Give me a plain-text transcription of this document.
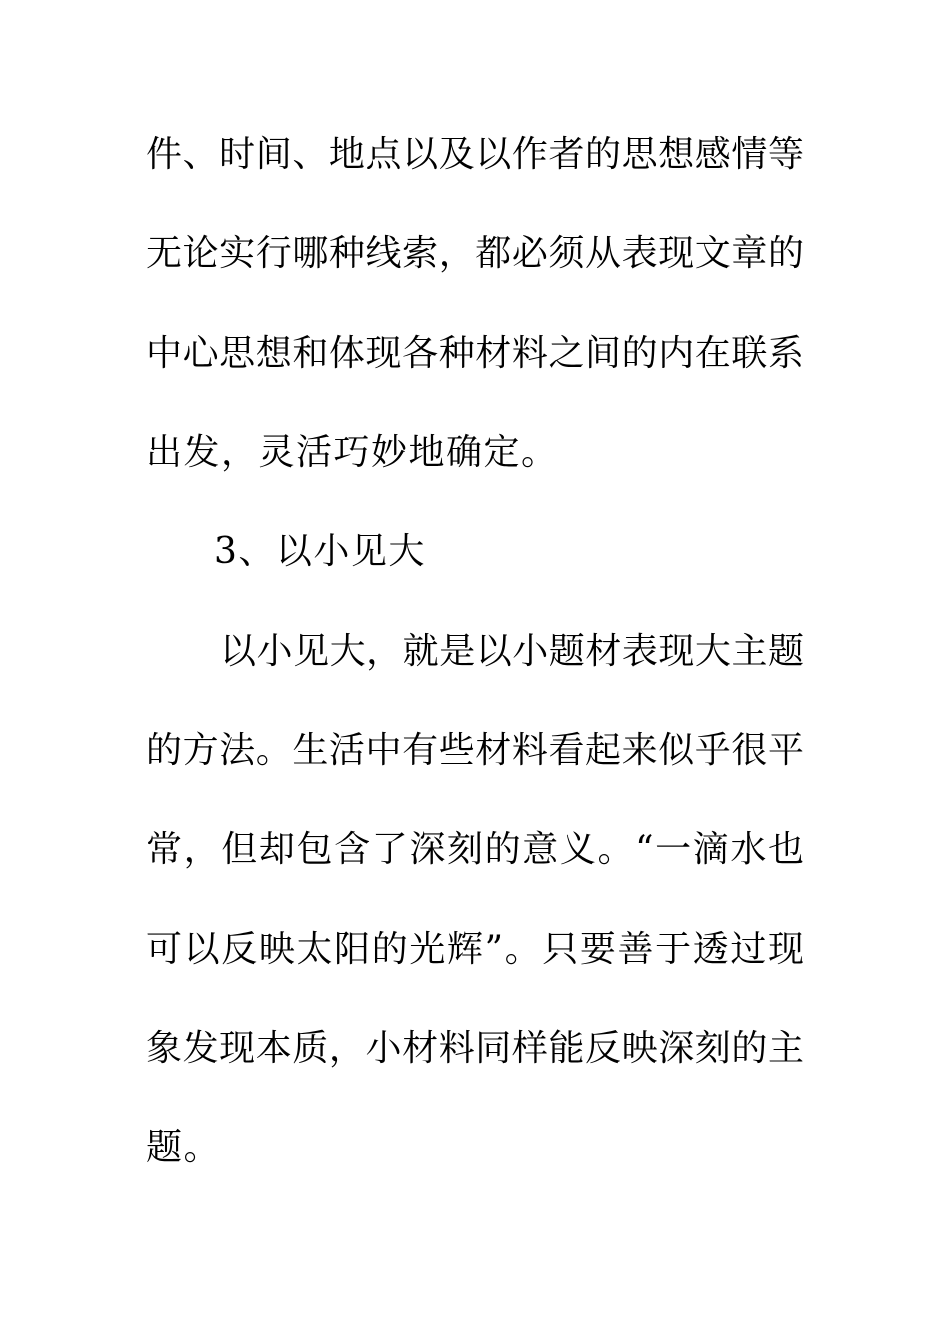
件、时间、地点以及以作者的思想感情等
无论实行哪种线索，都必须从表现文章的
中心思想和体现各种材料之间的内在联系
出发，灵活巧妙地确定。
3、以小见大
以小见大，就是以小题材表现大主题
的方法。生活中有些材料看起来似乎很平
常，但却包含了深刻的意义。“一滴水也
可以反映太阳的光辉”。只要善于透过现
象发现本质，小材料同样能反映深刻的主
题。
